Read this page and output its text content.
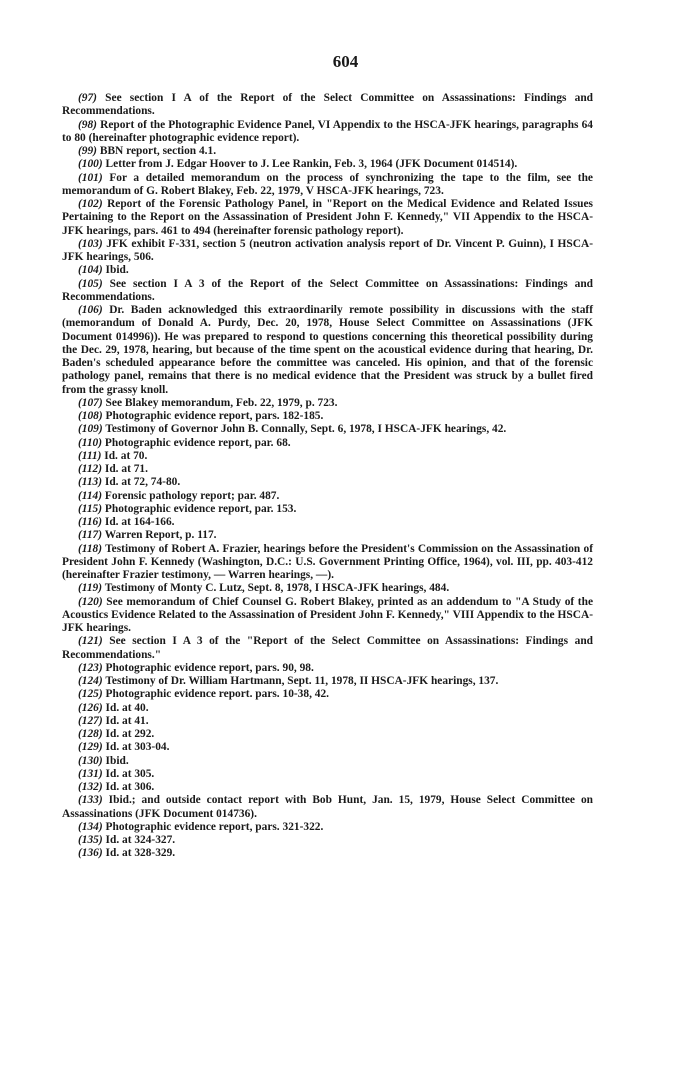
604

(97) See section I A of the Report of the Select Committee on Assassinations: Findings and Recommendations.

(98) Report of the Photographic Evidence Panel, VI Appendix to the HSCA-JFK hearings, paragraphs 64 to 80 (hereinafter photographic evidence report).

(99) BBN report, section 4.1.

(100) Letter from J. Edgar Hoover to J. Lee Rankin, Feb. 3, 1964 (JFK Document 014514).

(101) For a detailed memorandum on the process of synchronizing the tape to the film, see the memorandum of G. Robert Blakey, Feb. 22, 1979, V HSCA-JFK hearings, 723.

(102) Report of the Forensic Pathology Panel, in "Report on the Medical Evidence and Related Issues Pertaining to the Report on the Assassination of President John F. Kennedy," VII Appendix to the HSCA-JFK hearings, pars. 461 to 494 (hereinafter forensic pathology report).

(103) JFK exhibit F-331, section 5 (neutron activation analysis report of Dr. Vincent P. Guinn), I HSCA-JFK hearings, 506.

(104) Ibid.

(105) See section I A 3 of the Report of the Select Committee on Assassinations: Findings and Recommendations.

(106) Dr. Baden acknowledged this extraordinarily remote possibility in discussions with the staff (memorandum of Donald A. Purdy, Dec. 20, 1978, House Select Committee on Assassinations (JFK Document 014996)). He was prepared to respond to questions concerning this theoretical possibility during the Dec. 29, 1978, hearing, but because of the time spent on the acoustical evidence during that hearing, Dr. Baden's scheduled appearance before the committee was canceled. His opinion, and that of the forensic pathology panel, remains that there is no medical evidence that the President was struck by a bullet fired from the grassy knoll.

(107) See Blakey memorandum, Feb. 22, 1979, p. 723.

(108) Photographic evidence report, pars. 182-185.

(109) Testimony of Governor John B. Connally, Sept. 6, 1978, I HSCA-JFK hearings, 42.

(110) Photographic evidence report, par. 68.

(111) Id. at 70.

(112) Id. at 71.

(113) Id. at 72, 74-80.

(114) Forensic pathology report; par. 487.

(115) Photographic evidence report, par. 153.

(116) Id. at 164-166.

(117) Warren Report, p. 117.

(118) Testimony of Robert A. Frazier, hearings before the President's Commission on the Assassination of President John F. Kennedy (Washington, D.C.: U.S. Government Printing Office, 1964), vol. III, pp. 403-412 (hereinafter Frazier testimony, — Warren hearings, —).

(119) Testimony of Monty C. Lutz, Sept. 8, 1978, I HSCA-JFK hearings, 484.

(120) See memorandum of Chief Counsel G. Robert Blakey, printed as an addendum to "A Study of the Acoustics Evidence Related to the Assassination of President John F. Kennedy," VIII Appendix to the HSCA-JFK hearings.

(121) See section I A 3 of the "Report of the Select Committee on Assassinations: Findings and Recommendations."

(123) Photographic evidence report, pars. 90, 98.

(124) Testimony of Dr. William Hartmann, Sept. 11, 1978, II HSCA-JFK hearings, 137.

(125) Photographic evidence report. pars. 10-38, 42.

(126) Id. at 40.

(127) Id. at 41.

(128) Id. at 292.

(129) Id. at 303-04.

(130) Ibid.

(131) Id. at 305.

(132) Id. at 306.

(133) Ibid.; and outside contact report with Bob Hunt, Jan. 15, 1979, House Select Committee on Assassinations (JFK Document 014736).

(134) Photographic evidence report, pars. 321-322.

(135) Id. at 324-327.

(136) Id. at 328-329.
